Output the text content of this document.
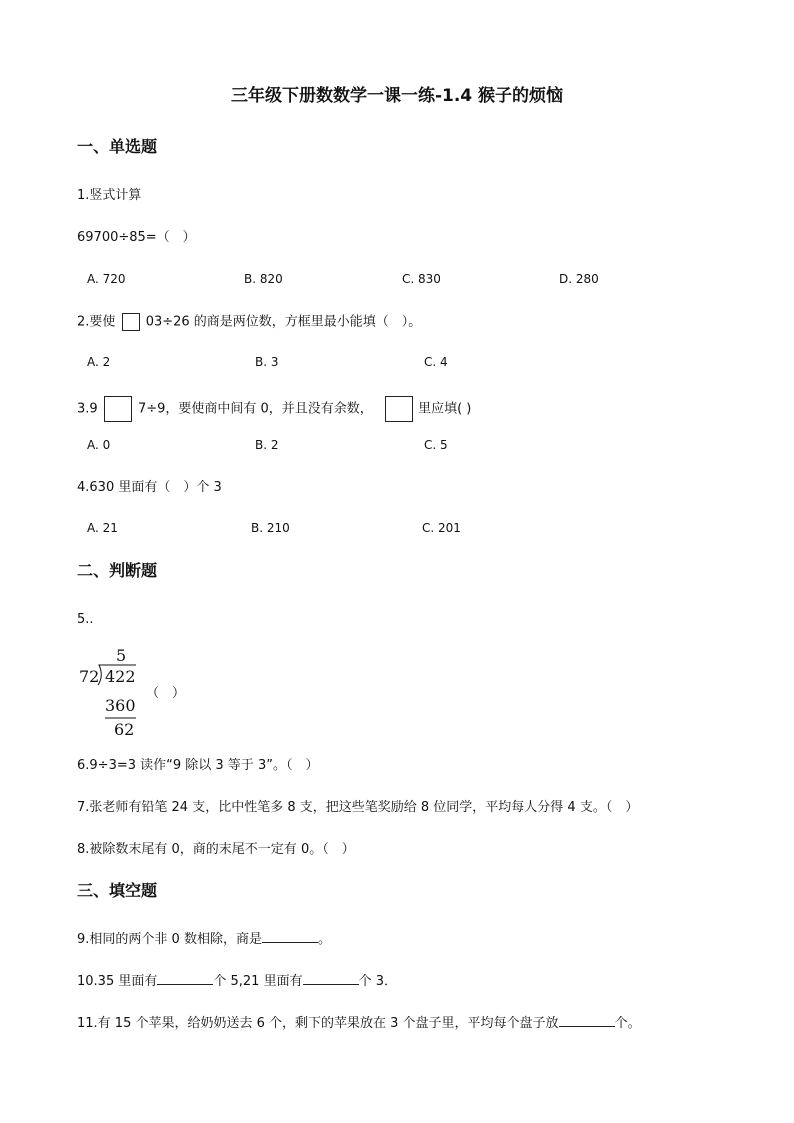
三年级下册数数学一课一练-1.4 猴子的烦恼
一、单选题
1.竖式计算
69700÷85=（　）
A. 720	B. 820	C. 830	D. 280
2.要使 03÷26 的商是两位数，方框里最小能填（　）。
A. 2	B. 3	C. 4
3.9	7÷9，要使商中间有 0，并且没有余数，	里应填( )
A. 0	B. 2	C. 5
4.630 里面有（　）个 3
A. 21	B. 210	C. 201
二、判断题
5..
5
72 422
360
62
（　）
6.9÷3=3 读作“9 除以 3 等于 3”。（　）
7.张老师有铅笔 24 支，比中性笔多 8 支，把这些笔奖励给 8 位同学，平均每人分得 4 支。（　）
8.被除数末尾有 0，商的末尾不一定有 0。（　）
三、填空题
9.相同的两个非 0 数相除，商是	。
10.35 里面有	个 5,21 里面有	个 3．
11.有 15 个苹果，给奶奶送去 6 个，剩下的苹果放在 3 个盘子里，平均每个盘子放	个。
